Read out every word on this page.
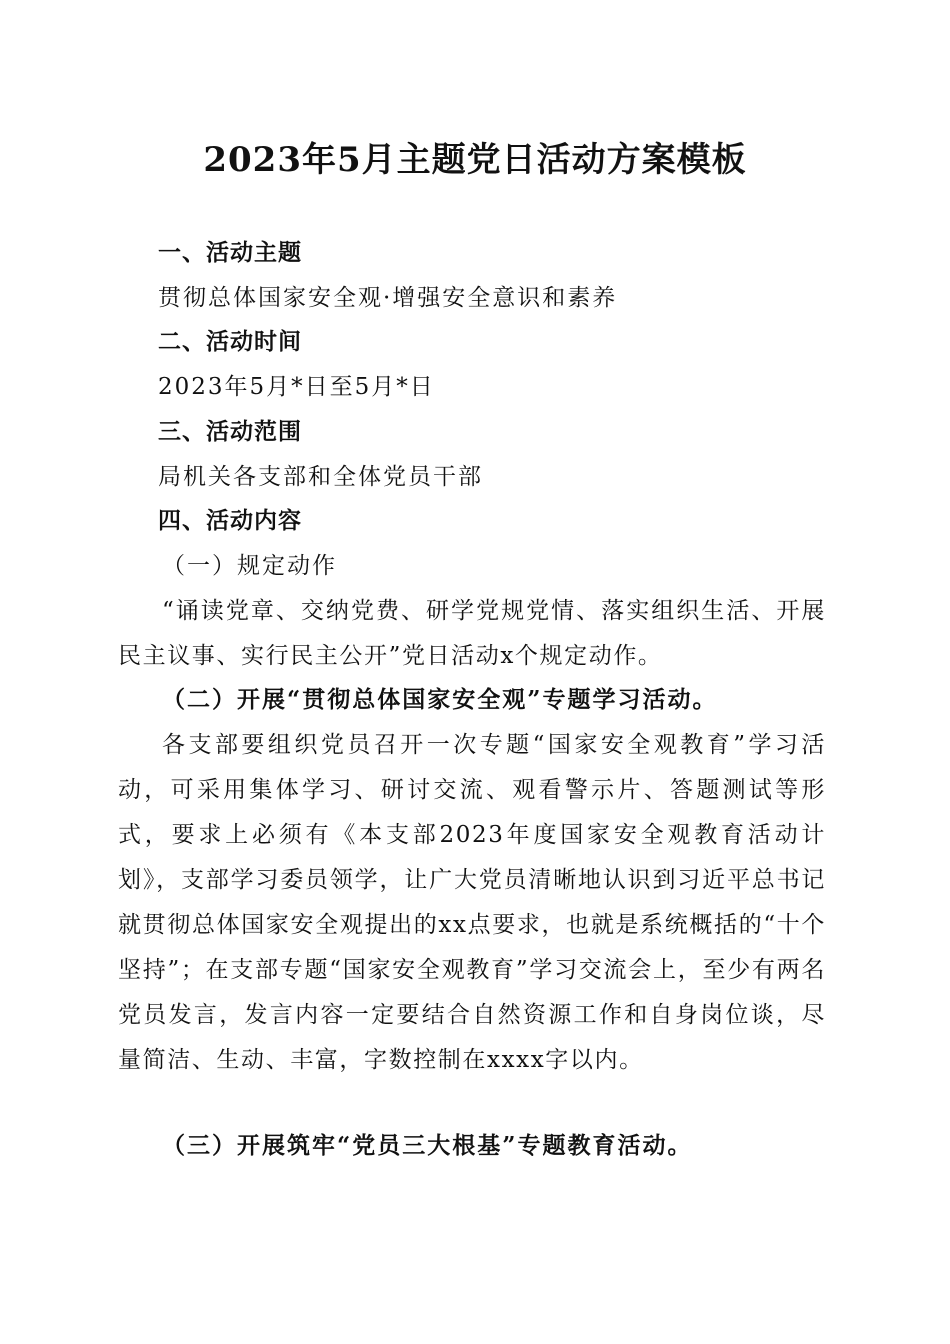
2023年5月主题党日活动方案模板
一、活动主题
贯彻总体国家安全观·增强安全意识和素养
二、活动时间
2023年5月*日至5月*日
三、活动范围
局机关各支部和全体党员干部
四、活动内容
（一）规定动作

“诵读党章、交纳党费、研学党规党情、落实组织生活、开展民主议事、实行民主公开”党日活动x个规定动作。

（二）开展“贯彻总体国家安全观”专题学习活动。

各支部要组织党员召开一次专题“国家安全观教育”学习活动，可采用集体学习、研讨交流、观看警示片、答题测试等形式，要求上必须有《本支部2023年度国家安全观教育活动计划》，支部学习委员领学，让广大党员清晰地认识到习近平总书记就贯彻总体国家安全观提出的xx点要求，也就是系统概括的“十个坚持”；在支部专题“国家安全观教育”学习交流会上，至少有两名党员发言，发言内容一定要结合自然资源工作和自身岗位谈，尽量简洁、生动、丰富，字数控制在xxxx字以内。

（三）开展筑牢“党员三大根基”专题教育活动。
